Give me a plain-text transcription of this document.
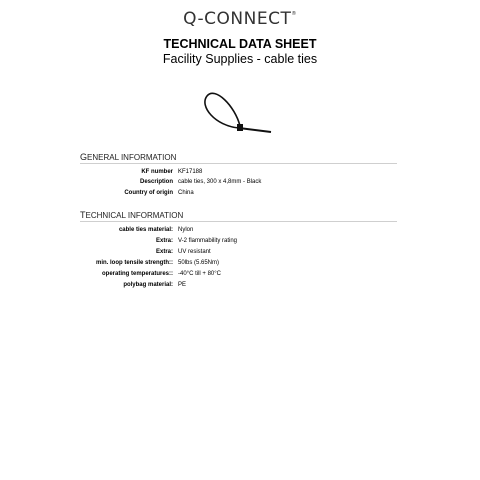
Q-CONNECT®
TECHNICAL DATA SHEET
Facility Supplies - cable ties
GENERAL INFORMATION
KF number KF17188
Description cable ties, 300 x 4,8mm - Black
Country of origin China
TECHNICAL INFORMATION
cable ties material: Nylon
Extra: V-2 flammability rating
Extra: UV resistant
min. loop tensile strength:: 50lbs (5.65Nm)
operating temperatures:: -40°C till + 80°C
polybag material: PE
